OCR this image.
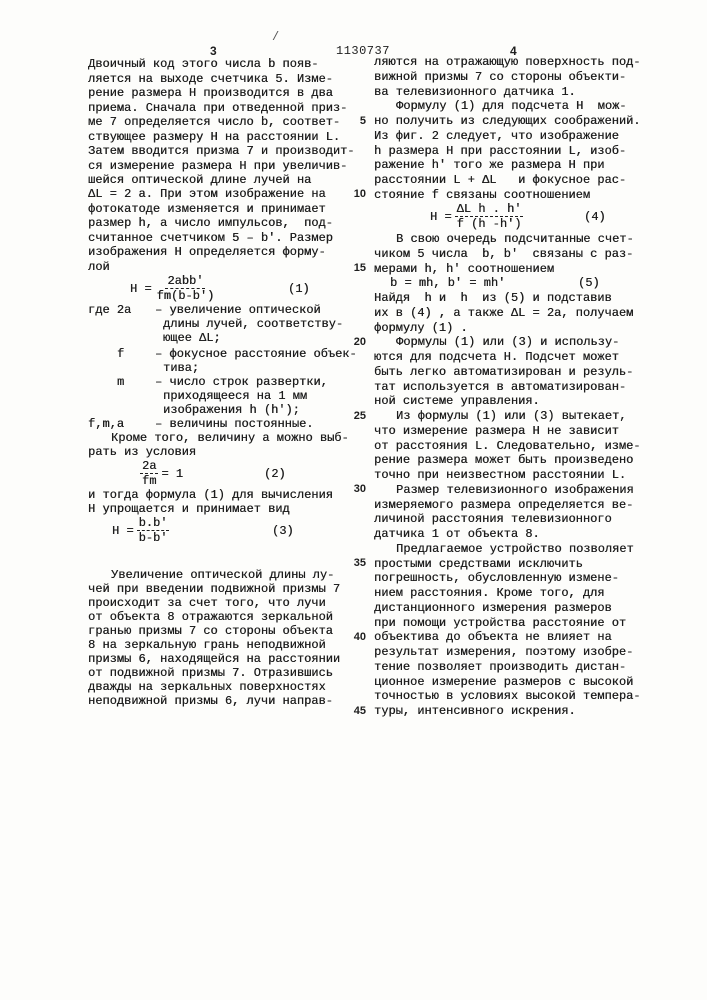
3
/
1130737	4
Двоичный код этого числа b появ-
ляется на выходе счетчика 5. Изме-
рение размера Н производится в два
приема. Сначала при отведенной приз-
ме 7 определяется число b, соответ-
ствующее размеру Н на расстоянии L.
Затем вводится призма 7 и производит-
ся измерение размера Н при увеличив-
шейся оптической длине лучей на
ΔL = 2 а. При этом изображение на
фотокатоде изменяется и принимает
размер h, а число импульсов,  под-
считанное счетчиком 5 – b'. Размер
изображения Н определяется форму-
лой
где 2a – увеличение оптической
длины лучей, соответству-
ющее ΔL;
f	– фокусное расстояние объек-
тива;
m	– число строк развертки,
приходящееся на 1 мм
изображения h (h');
f,m,a	– величины постоянные.
Кроме того, величину а можно выб-
рать из условия
и тогда формула (1) для вычисления
Н упрощается и принимает вид
Увеличение оптической длины лу-
чей при введении подвижной призмы 7
происходит за счет того, что лучи
от объекта 8 отражаются зеркальной
гранью призмы 7 со стороны объекта
8 на зеркальную грань неподвижной
призмы 6, находящейся на расстоянии
от подвижной призмы 7. Отразившись
дважды на зеркальных поверхностях
неподвижной призмы 6, лучи направ-
ляются на отражающую поверхность под-
вижной призмы 7 со стороны объекти-
ва телевизионного датчика 1.
Формулу (1) для подсчета Н  мож-
но получить из следующих соображений.
Из фиг. 2 следует, что изображение
h размера Н при расстоянии L, изоб-
ражение h' того же размера Н при
расстоянии L + ΔL   и фокусное рас-
стояние f связаны соотношением
В свою очередь подсчитанные счет-
чиком 5 числа  b, b'  связаны с раз-
мерами h, h' соотношением
Найдя  h и  h  из (5) и подставив
их в (4) , а также ΔL = 2a, получаем
формулу (1) .
Формулы (1) или (3) и использу-
ются для подсчета Н. Подсчет может
быть легко автоматизирован и резуль-
тат используется в автоматизирован-
ной системе управления.
Из формулы (1) или (3) вытекает,
что измерение размера Н не зависит
от расстояния L. Следовательно, изме-
рение размера может быть произведено
точно при неизвестном расстоянии L.
Размер телевизионного изображения
измеряемого размера определяется ве-
личиной расстояния телевизионного
датчика 1 от объекта 8.
Предлагаемое устройство позволяет
простыми средствами исключить
погрешность, обусловленную измене-
нием расстояния. Кроме того, для
дистанционного измерения размеров
при помощи устройства расстояние от
объектива до объекта не влияет на
результат измерения, поэтому изобре-
тение позволяет производить дистан-
ционное измерение размеров с высокой
точностью в условиях высокой темпера-
туры, интенсивного искрения.
5
10
15
20
25
30
35
40
45
H =
2abb'
fm(b-b')	(1)
2a
fm
= 1	(2)
H =
b.b'
b-b'	(3)
H =
ΔL h . h'
f (h -h')	(4)
b = mh, b' = mh'	(5)
